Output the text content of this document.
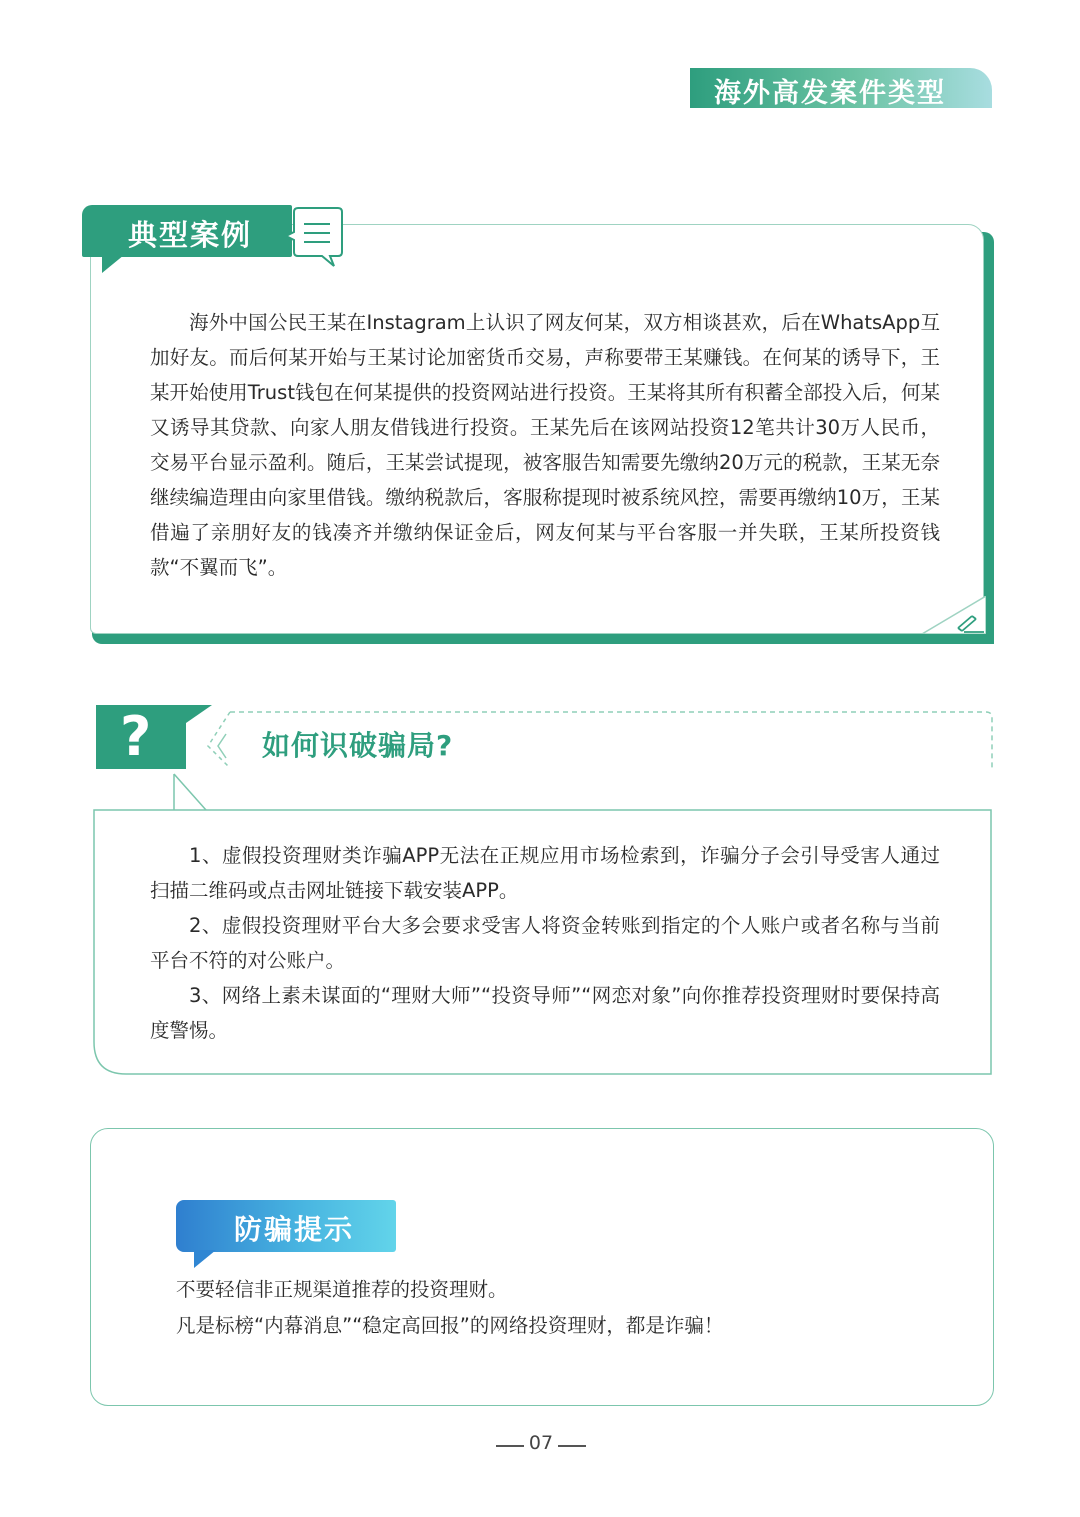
海外高发案件类型
典型案例

海外中国公民王某在Instagram上认识了网友何某，双方相谈甚欢，后在WhatsApp互加好友。而后何某开始与王某讨论加密货币交易，声称要带王某赚钱。在何某的诱导下，王某开始使用Trust钱包在何某提供的投资网站进行投资。王某将其所有积蓄全部投入后，何某又诱导其贷款、向家人朋友借钱进行投资。王某先后在该网站投资12笔共计30万人民币，交易平台显示盈利。随后，王某尝试提现，被客服告知需要先缴纳20万元的税款，王某无奈继续编造理由向家里借钱。缴纳税款后，客服称提现时被系统风控，需要再缴纳10万，王某借遍了亲朋好友的钱凑齐并缴纳保证金后，网友何某与平台客服一并失联，王某所投资钱款“不翼而飞”。

?	如何识破骗局?

1、虚假投资理财类诈骗APP无法在正规应用市场检索到，诈骗分子会引导受害人通过扫描二维码或点击网址链接下载安装APP。

2、虚假投资理财平台大多会要求受害人将资金转账到指定的个人账户或者名称与当前平台不符的对公账户。

3、网络上素未谋面的“理财大师”“投资导师”“网恋对象”向你推荐投资理财时要保持高度警惕。

防骗提示
不要轻信非正规渠道推荐的投资理财。
凡是标榜“内幕消息”“稳定高回报”的网络投资理财，都是诈骗！
07
